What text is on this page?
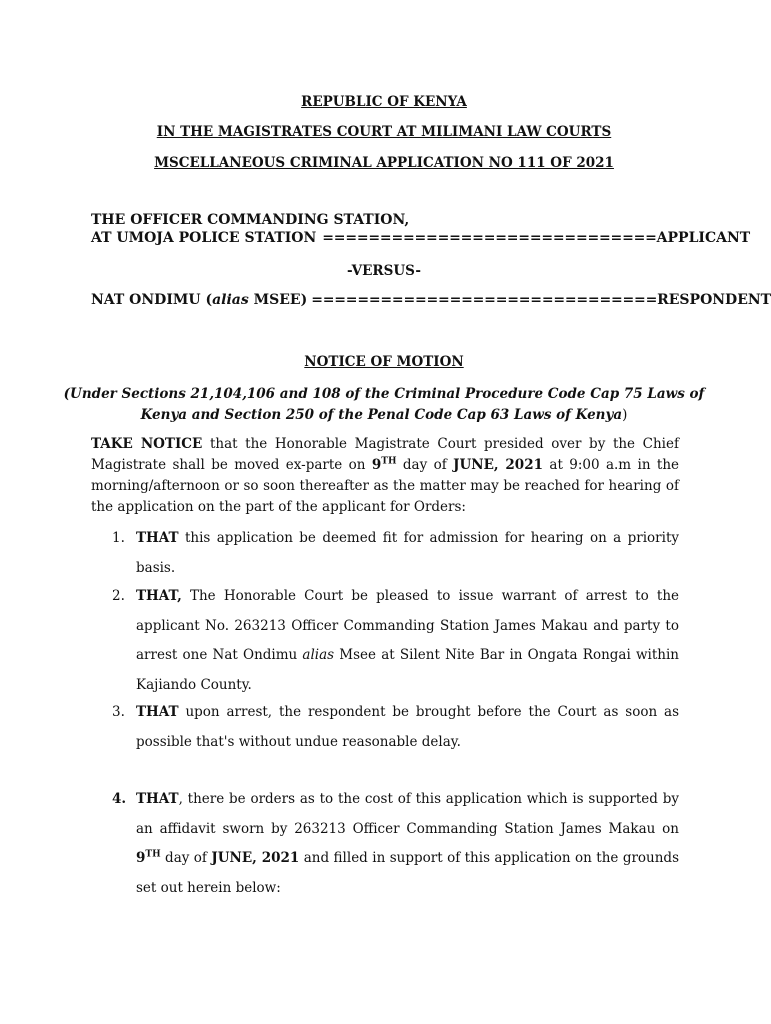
REPUBLIC OF KENYA
IN THE MAGISTRATES COURT AT MILIMANI LAW COURTS
MSCELLANEOUS CRIMINAL APPLICATION NO 111 OF 2021
THE OFFICER COMMANDING STATION,
AT UMOJA POLICE STATION ============================= APPLICANT
-VERSUS-
NAT ONDIMU (alias MSEE) ============================== RESPONDENT
NOTICE OF MOTION
(Under Sections 21,104,106 and 108 of the Criminal Procedure Code Cap 75 Laws of
Kenya and Section 250 of the Penal Code Cap 63 Laws of Kenya)
TAKE NOTICE that the Honorable Magistrate Court presided over by the Chief Magistrate shall be moved ex-parte on 9TH day of JUNE, 2021 at 9:00 a.m in the morning/afternoon or so soon thereafter as the matter may be reached for hearing of the application on the part of the applicant for Orders:
1. THAT this application be deemed fit for admission for hearing on a priority basis.
2. THAT, The Honorable Court be pleased to issue warrant of arrest to the applicant No. 263213 Officer Commanding Station James Makau and party to arrest one Nat Ondimu alias Msee at Silent Nite Bar in Ongata Rongai within Kajiando County.
3. THAT upon arrest, the respondent be brought before the Court as soon as possible that's without undue reasonable delay.
4. THAT, there be orders as to the cost of this application which is supported by an affidavit sworn by 263213 Officer Commanding Station James Makau on 9TH day of JUNE, 2021 and filled in support of this application on the grounds set out herein below:
